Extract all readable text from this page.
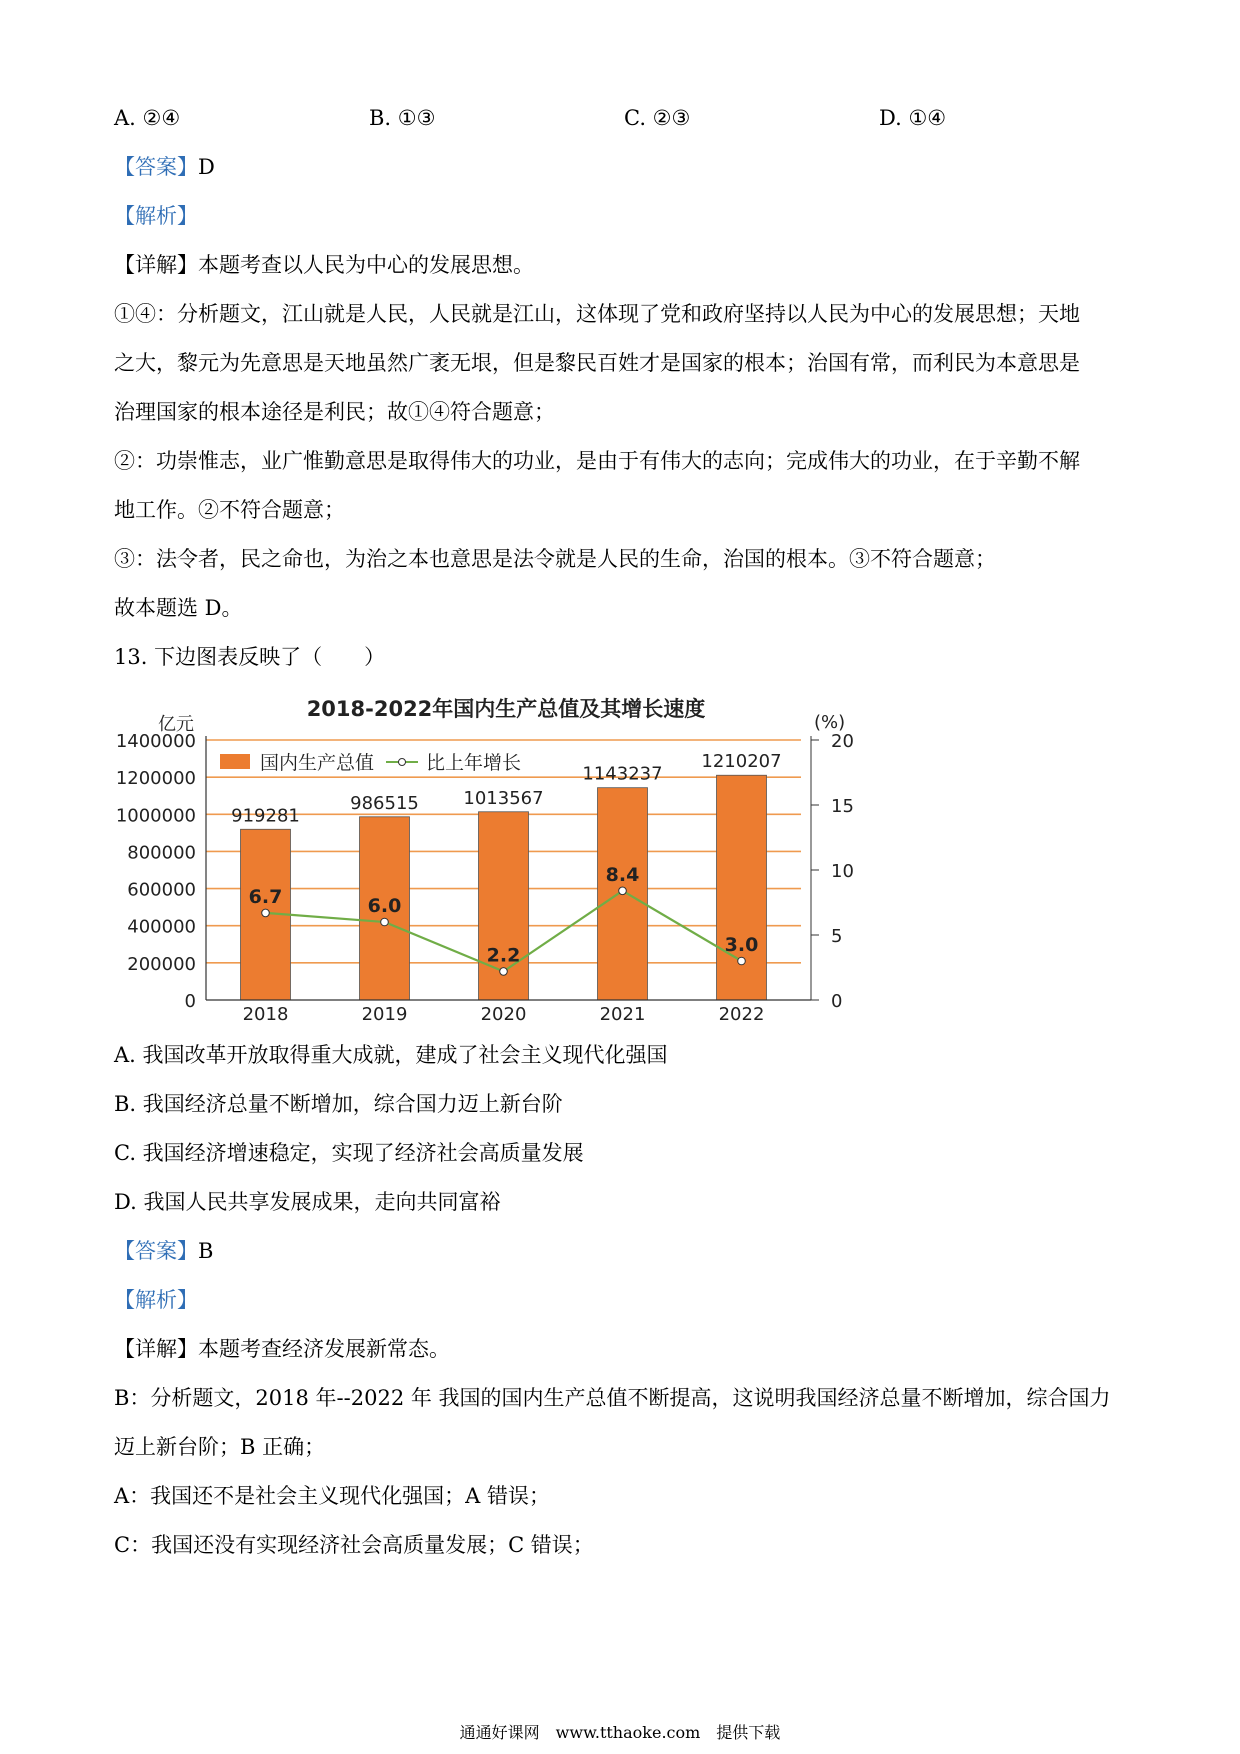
A. ②④	B. ①③	C. ②③	D. ①④
【答案】D
【解析】
【详解】本题考查以人民为中心的发展思想。
①④：分析题文，江山就是人民，人民就是江山，这体现了党和政府坚持以人民为中心的发展思想；天地
之大，黎元为先意思是天地虽然广袤无垠，但是黎民百姓才是国家的根本；治国有常，而利民为本意思是
治理国家的根本途径是利民；故①④符合题意；
②：功崇惟志，业广惟勤意思是取得伟大的功业，是由于有伟大的志向；完成伟大的功业，在于辛勤不解
地工作。②不符合题意；
③：法令者，民之命也，为治之本也意思是法令就是人民的生命，治国的根本。③不符合题意；
故本题选 D。
13. 下边图表反映了（　　）
2018-2022年国内生产总值及其增长速度
亿元	(%)
919281
986515 1013567
1143237
1210207
6.7	6.0
2.2
8.4
3.0
1400000
1200000
1000000
800000
600000
400000
200000
0
20
15
10
5
0
2018	2019	2020	2021	2022
国内生产总值	比上年增长
A. 我国改革开放取得重大成就，建成了社会主义现代化强国
B. 我国经济总量不断增加，综合国力迈上新台阶
C. 我国经济增速稳定，实现了经济社会高质量发展
D. 我国人民共享发展成果，走向共同富裕
【答案】B
【解析】
【详解】本题考查经济发展新常态。
B：分析题文，2018 年--2022 年 我国的国内生产总值不断提高，这说明我国经济总量不断增加，综合国力
迈上新台阶；B 正确；
A：我国还不是社会主义现代化强国；A 错误；
C：我国还没有实现经济社会高质量发展；C 错误；
通通好课网　www.tthaoke.com　提供下载
